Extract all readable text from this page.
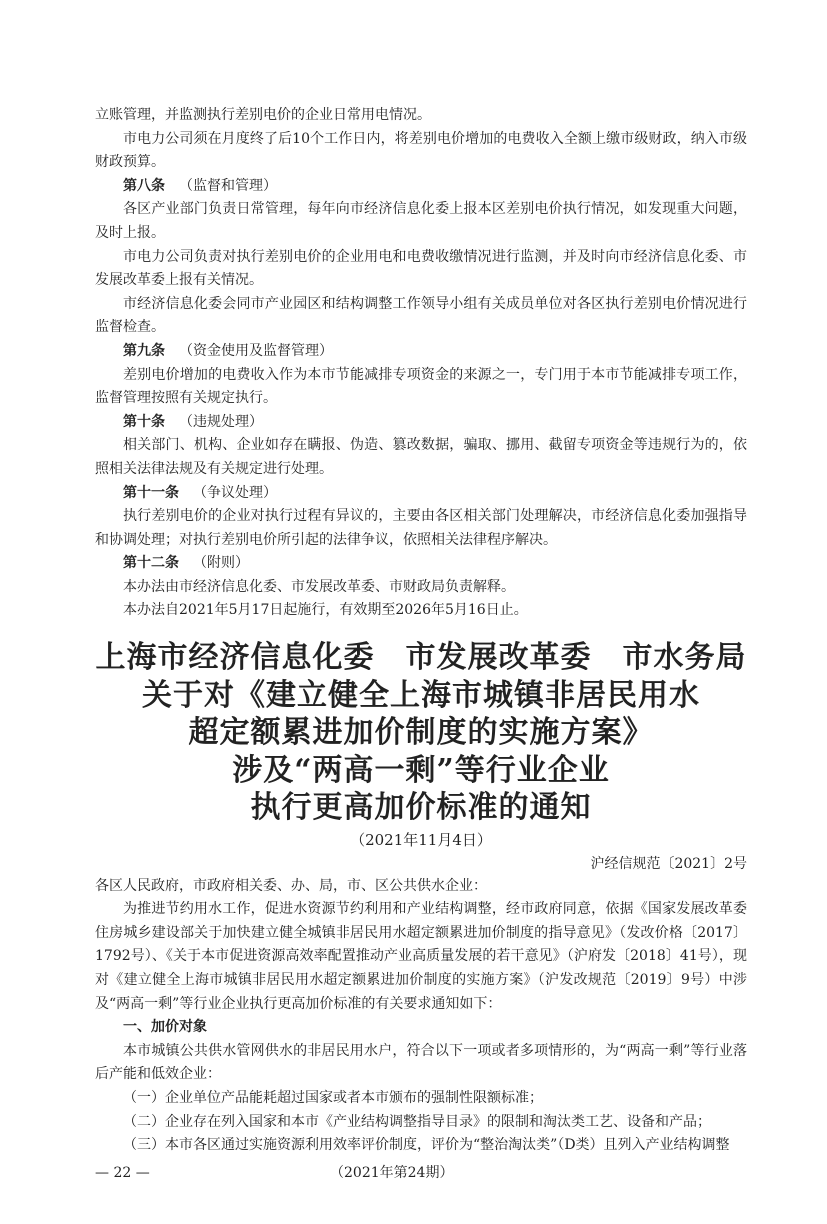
立账管理，并监测执行差别电价的企业日常用电情况。

市电力公司须在月度终了后10个工作日内，将差别电价增加的电费收入全额上缴市级财政，纳入市级财政预算。

第八条 （监督和管理）

各区产业部门负责日常管理，每年向市经济信息化委上报本区差别电价执行情况，如发现重大问题，及时上报。

市电力公司负责对执行差别电价的企业用电和电费收缴情况进行监测，并及时向市经济信息化委、市发展改革委上报有关情况。

市经济信息化委会同市产业园区和结构调整工作领导小组有关成员单位对各区执行差别电价情况进行监督检查。

第九条 （资金使用及监督管理）

差别电价增加的电费收入作为本市节能减排专项资金的来源之一，专门用于本市节能减排专项工作，监督管理按照有关规定执行。

第十条 （违规处理）

相关部门、机构、企业如存在瞒报、伪造、篡改数据，骗取、挪用、截留专项资金等违规行为的，依照相关法律法规及有关规定进行处理。

第十一条 （争议处理）

执行差别电价的企业对执行过程有异议的，主要由各区相关部门处理解决，市经济信息化委加强指导和协调处理；对执行差别电价所引起的法律争议，依照相关法律程序解决。

第十二条 （附则）

本办法由市经济信息化委、市发展改革委、市财政局负责解释。

本办法自2021年5月17日起施行，有效期至2026年5月16日止。

上海市经济信息化委　市发展改革委　市水务局
关于对《建立健全上海市城镇非居民用水
超定额累进加价制度的实施方案》
涉及“两高一剩”等行业企业
执行更高加价标准的通知
（2021年11月4日）
沪经信规范〔2021〕2号

各区人民政府，市政府相关委、办、局，市、区公共供水企业：

为推进节约用水工作，促进水资源节约利用和产业结构调整，经市政府同意，依据《国家发展改革委住房城乡建设部关于加快建立健全城镇非居民用水超定额累进加价制度的指导意见》（发改价格〔2017〕1792号）、《关于本市促进资源高效率配置推动产业高质量发展的若干意见》（沪府发〔2018〕41号），现对《建立健全上海市城镇非居民用水超定额累进加价制度的实施方案》（沪发改规范〔2019〕9号）中涉及“两高一剩”等行业企业执行更高加价标准的有关要求通知如下：

一、加价对象

本市城镇公共供水管网供水的非居民用水户，符合以下一项或者多项情形的，为“两高一剩”等行业落后产能和低效企业：

（一）企业单位产品能耗超过国家或者本市颁布的强制性限额标准；

（二）企业存在列入国家和本市《产业结构调整指导目录》的限制和淘汰类工艺、设备和产品；

（三）本市各区通过实施资源利用效率评价制度，评价为“整治淘汰类”（D类）且列入产业结构调整

— 22 —	（2021年第24期）
